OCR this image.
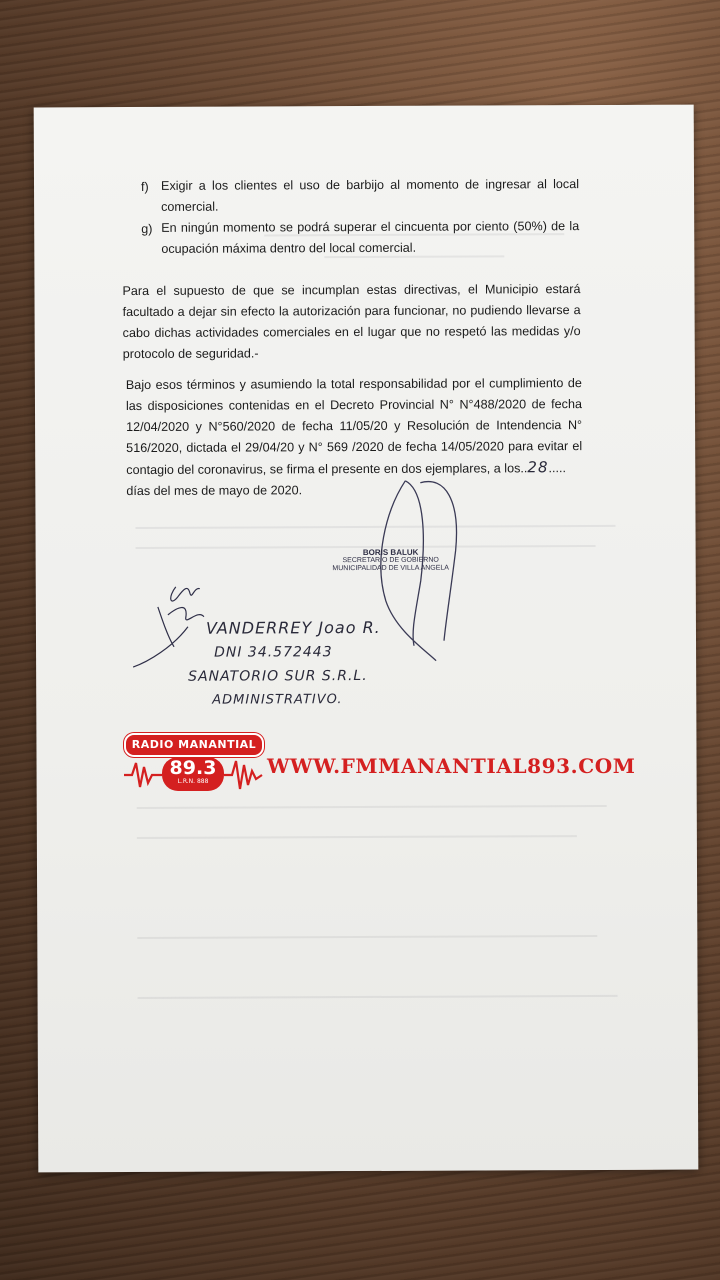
f) Exigir a los clientes el uso de barbijo al momento de ingresar al local
comercial.
g) En ningún momento se podrá superar el cincuenta por ciento (50%) de la
ocupación máxima dentro del local comercial.
Para el supuesto de que se incumplan estas directivas, el Municipio estará
facultado a dejar sin efecto la autorización para funcionar, no pudiendo llevarse a
cabo dichas actividades comerciales en el lugar que no respetó las medidas y/o
protocolo de seguridad.-
Bajo esos términos y asumiendo la total responsabilidad por el cumplimiento de
las disposiciones contenidas en el Decreto Provincial N° N°488/2020 de fecha
12/04/2020 y N°560/2020 de fecha 11/05/20 y Resolución de Intendencia N°
516/2020, dictada el 29/04/20 y N° 569 /2020 de fecha 14/05/2020 para evitar el
contagio del coronavirus, se firma el presente en dos ejemplares, a los..28.....
días del mes de mayo de 2020.
BORIS BALUK
SECRETARIO DE GOBIERNO
MUNICIPALIDAD DE VILLA ANGELA
VANDERREY Joao R.
DNI 34.572443
SANATORIO SUR S.R.L.
ADMINISTRATIVO.
RADIO MANANTIAL
89.3
L.R.N. 888
WWW.FMMANANTIAL893.COM
